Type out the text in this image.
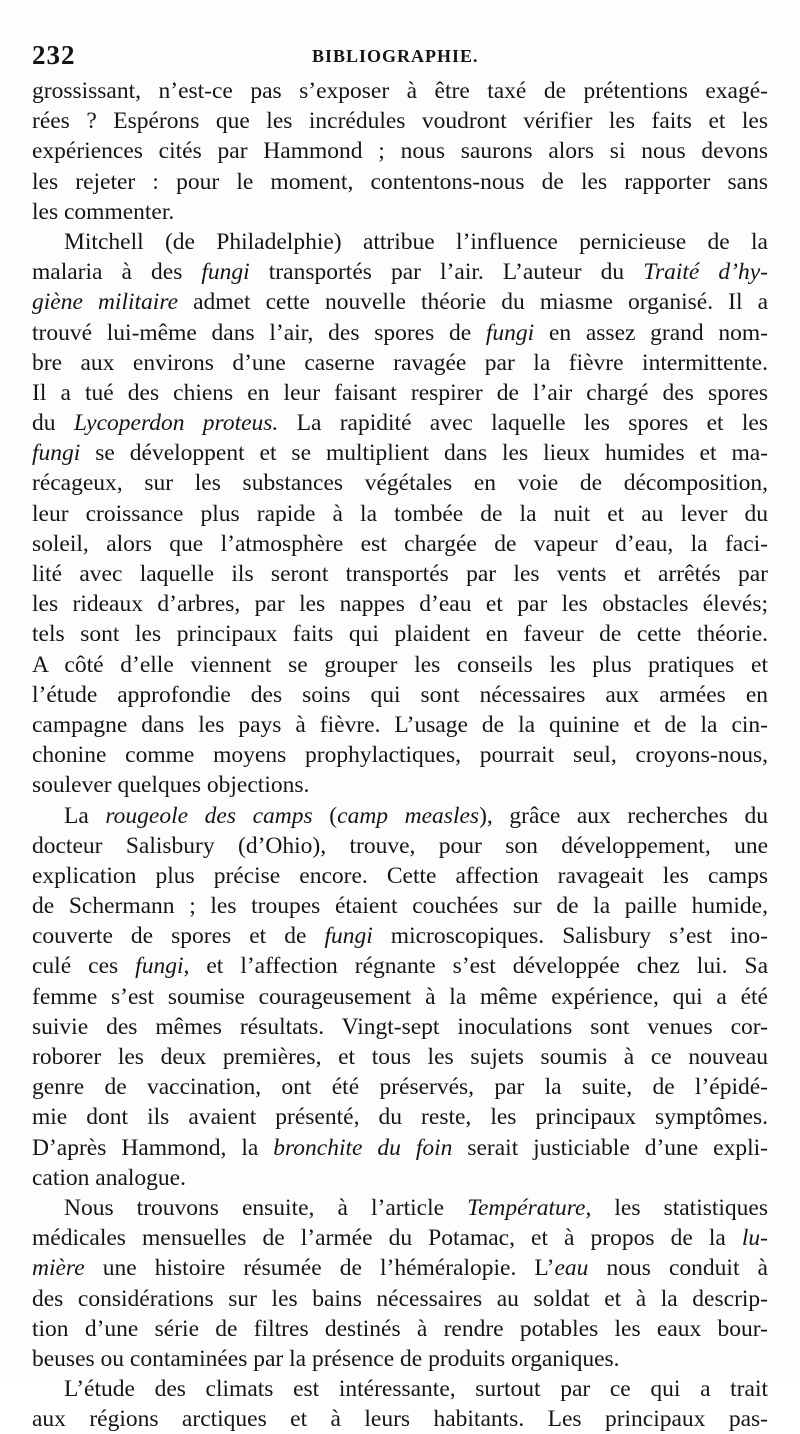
232	BIBLIOGRAPHIE.
grossissant, n’est-ce pas s’exposer à être taxé de prétentions exagé-
rées ? Espérons que les incrédules voudront vérifier les faits et les
expériences cités par Hammond ; nous saurons alors si nous devons
les rejeter : pour le moment, contentons-nous de les rapporter sans
les commenter.
Mitchell (de Philadelphie) attribue l’influence pernicieuse de la
malaria à des fungi transportés par l’air. L’auteur du Traité d’hy-
giène militaire admet cette nouvelle théorie du miasme organisé. Il a
trouvé lui-même dans l’air, des spores de fungi en assez grand nom-
bre aux environs d’une caserne ravagée par la fièvre intermittente.
Il a tué des chiens en leur faisant respirer de l’air chargé des spores
du Lycoperdon proteus. La rapidité avec laquelle les spores et les
fungi se développent et se multiplient dans les lieux humides et ma-
récageux, sur les substances végétales en voie de décomposition,
leur croissance plus rapide à la tombée de la nuit et au lever du
soleil, alors que l’atmosphère est chargée de vapeur d’eau, la faci-
lité avec laquelle ils seront transportés par les vents et arrêtés par
les rideaux d’arbres, par les nappes d’eau et par les obstacles élevés;
tels sont les principaux faits qui plaident en faveur de cette théorie.
A côté d’elle viennent se grouper les conseils les plus pratiques et
l’étude approfondie des soins qui sont nécessaires aux armées en
campagne dans les pays à fièvre. L’usage de la quinine et de la cin-
chonine comme moyens prophylactiques, pourrait seul, croyons-nous,
soulever quelques objections.
La rougeole des camps (camp measles), grâce aux recherches du
docteur Salisbury (d’Ohio), trouve, pour son développement, une
explication plus précise encore. Cette affection ravageait les camps
de Schermann ; les troupes étaient couchées sur de la paille humide,
couverte de spores et de fungi microscopiques. Salisbury s’est ino-
culé ces fungi, et l’affection régnante s’est développée chez lui. Sa
femme s’est soumise courageusement à la même expérience, qui a été
suivie des mêmes résultats. Vingt-sept inoculations sont venues cor-
roborer les deux premières, et tous les sujets soumis à ce nouveau
genre de vaccination, ont été préservés, par la suite, de l’épidé-
mie dont ils avaient présenté, du reste, les principaux symptômes.
D’après Hammond, la bronchite du foin serait justiciable d’une expli-
cation analogue.
Nous trouvons ensuite, à l’article Température, les statistiques
médicales mensuelles de l’armée du Potamac, et à propos de la lu-
mière une histoire résumée de l’héméralopie. L’eau nous conduit à
des considérations sur les bains nécessaires au soldat et à la descrip-
tion d’une série de filtres destinés à rendre potables les eaux bour-
beuses ou contaminées par la présence de produits organiques.
L’étude des climats est intéressante, surtout par ce qui a trait
aux régions arctiques et à leurs habitants. Les principaux pas-
